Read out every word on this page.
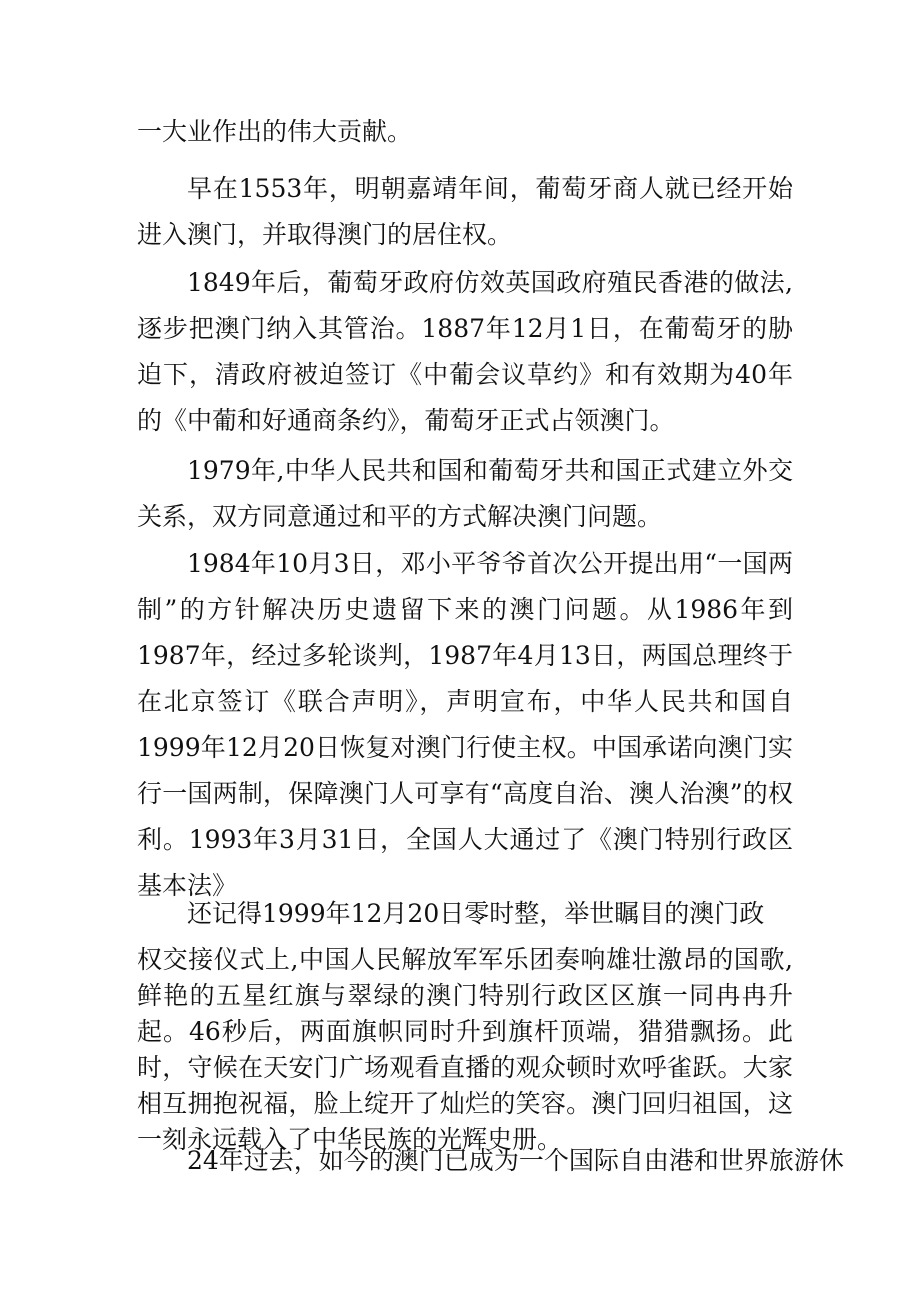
一大业作出的伟大贡献。

早在1553年，明朝嘉靖年间，葡萄牙商人就已经开始进入澳门，并取得澳门的居住权。

1849年后，葡萄牙政府仿效英国政府殖民香港的做法,逐步把澳门纳入其管治。1887年12月1日，在葡萄牙的胁迫下，清政府被迫签订《中葡会议草约》和有效期为40年的《中葡和好通商条约》，葡萄牙正式占领澳门。

1979年,中华人民共和国和葡萄牙共和国正式建立外交关系，双方同意通过和平的方式解决澳门问题。

1984年10月3日，邓小平爷爷首次公开提出用“一国两制”的方针解决历史遗留下来的澳门问题。从1986年到1987年，经过多轮谈判，1987年4月13日，两国总理终于在北京签订《联合声明》，声明宣布，中华人民共和国自1999年12月20日恢复对澳门行使主权。中国承诺向澳门实行一国两制，保障澳门人可享有“高度自治、澳人治澳”的权利。1993年3月31日，全国人大通过了《澳门特别行政区基本法》

还记得1999年12月20日零时整，举世瞩目的澳门政

权交接仪式上,中国人民解放军军乐团奏响雄壮激昂的国歌,鲜艳的五星红旗与翠绿的澳门特别行政区区旗一同冉冉升起。46秒后，两面旗帜同时升到旗杆顶端，猎猎飘扬。此时，守候在天安门广场观看直播的观众顿时欢呼雀跃。大家相互拥抱祝福，脸上绽开了灿烂的笑容。澳门回归祖国，这一刻永远载入了中华民族的光辉史册。

24年过去，如今的澳门已成为一个国际自由港和世界旅游休
